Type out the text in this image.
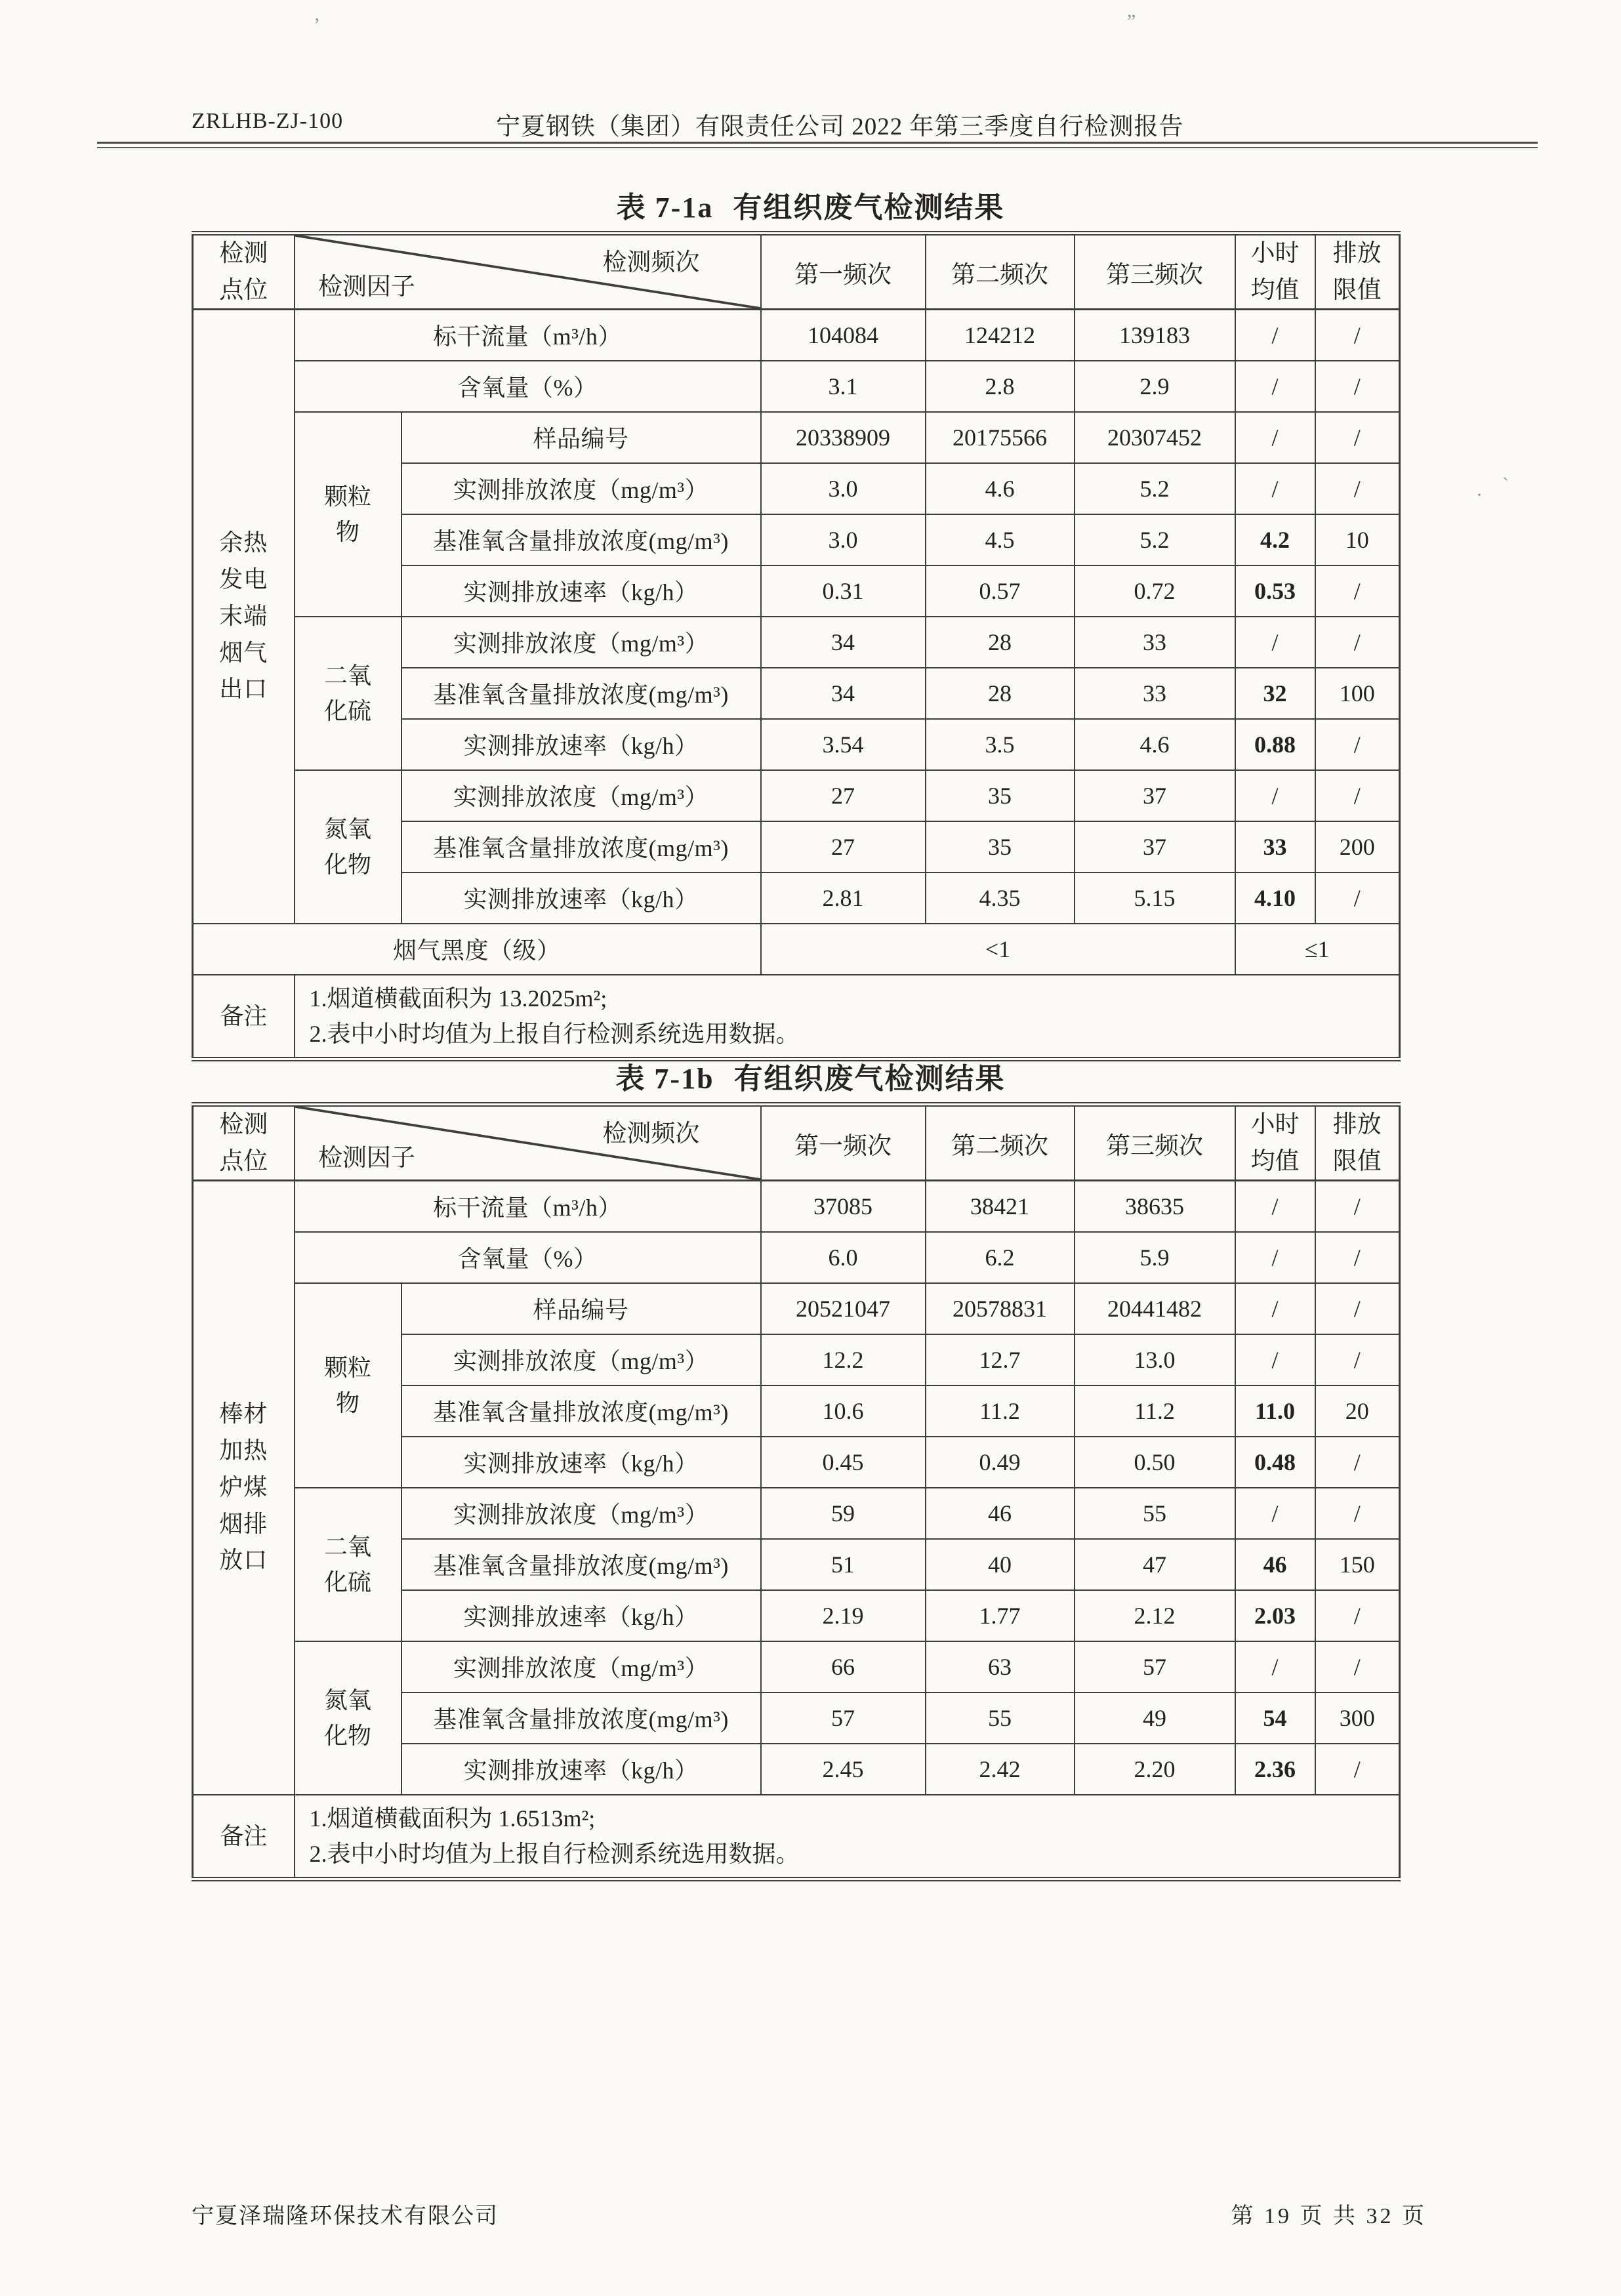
ZRLHB-ZJ-100	宁夏钢铁（集团）有限责任公司 2022 年第三季度自行检测报告
ʼ	”
·
ˏ
表 7-1a 有组织废气检测结果
检测点位	检测频次
检测因子		第一频次	第二频次	第三频次	小时均值	排放限值
余热发电末端烟气出口	标干流量（m³/h）		104084	124212	139183	/	/
	含氧量（%）		3.1	2.8	2.9	/	/
	颗粒物	样品编号	20338909	20175566	20307452	/	/
		实测排放浓度（mg/m³）	3.0	4.6	5.2	/	/
		基准氧含量排放浓度(mg/m³)	3.0	4.5	5.2	4.2	10
		实测排放速率（kg/h）	0.31	0.57	0.72	0.53	/
	二氧化硫	实测排放浓度（mg/m³）	34	28	33	/	/
		基准氧含量排放浓度(mg/m³)	34	28	33	32	100
		实测排放速率（kg/h）	3.54	3.5	4.6	0.88	/
	氮氧化物	实测排放浓度（mg/m³）	27	35	37	/	/
		基准氧含量排放浓度(mg/m³)	27	35	37	33	200
		实测排放速率（kg/h）	2.81	4.35	5.15	4.10	/
烟气黑度（级）			<1			≤1	
备注	1.烟道横截面积为 13.2025m²;
2.表中小时均值为上报自行检测系统选用数据。						
表 7-1b 有组织废气检测结果
检测点位	检测频次
检测因子		第一频次	第二频次	第三频次	小时均值	排放限值
棒材加热炉煤烟排放口	标干流量（m³/h）		37085	38421	38635	/	/
	含氧量（%）		6.0	6.2	5.9	/	/
	颗粒物	样品编号	20521047	20578831	20441482	/	/
		实测排放浓度（mg/m³）	12.2	12.7	13.0	/	/
		基准氧含量排放浓度(mg/m³)	10.6	11.2	11.2	11.0	20
		实测排放速率（kg/h）	0.45	0.49	0.50	0.48	/
	二氧化硫	实测排放浓度（mg/m³）	59	46	55	/	/
		基准氧含量排放浓度(mg/m³)	51	40	47	46	150
		实测排放速率（kg/h）	2.19	1.77	2.12	2.03	/
	氮氧化物	实测排放浓度（mg/m³）	66	63	57	/	/
		基准氧含量排放浓度(mg/m³)	57	55	49	54	300
		实测排放速率（kg/h）	2.45	2.42	2.20	2.36	/
备注	1.烟道横截面积为 1.6513m²;
2.表中小时均值为上报自行检测系统选用数据。						
宁夏泽瑞隆环保技术有限公司	第 19 页 共 32 页
